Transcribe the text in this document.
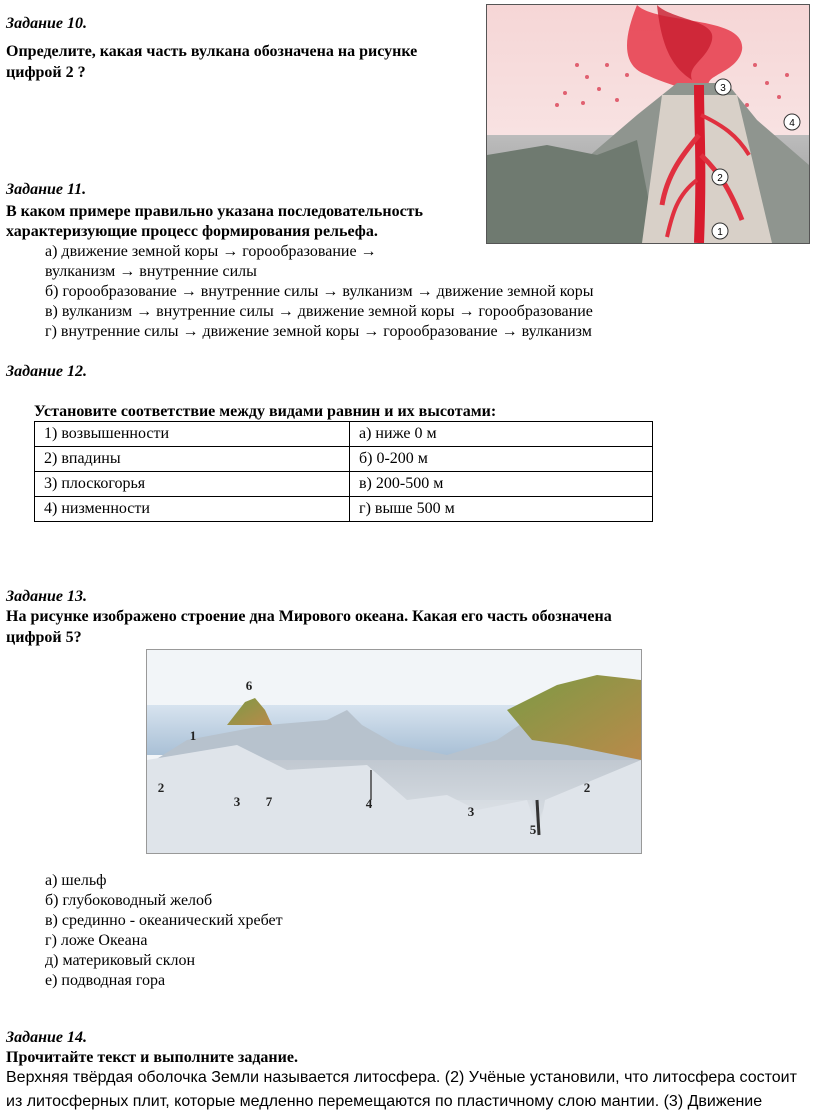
Задание 10.
Определите, какая часть вулкана обозначена на рисунке
цифрой 2 ?
3
4
2
1
Задание 11.
В каком примере правильно указана последовательность
характеризующие процесс формирования рельефа.
а) движение земной коры → горообразование →
вулканизм → внутренние силы
б) горообразование → внутренние силы → вулканизм → движение земной коры
в) вулканизм → внутренние силы → движение земной коры → горообразование
г) внутренние силы → движение земной коры → горообразование → вулканизм
Задание 12.
Установите соответствие между видами равнин и их высотами:
1) возвышенности	а) ниже 0 м
2) впадины	б) 0-200 м
3) плоскогорья	в) 200-500 м
4) низменности	г) выше 500 м
Задание 13.
На рисунке изображено строение дна Мирового океана. Какая его часть обозначена
цифрой 5?
6
1
2
3 7	4
3
2
5
а) шельф
б) глубоководный желоб
в) срединно - океанический хребет
г) ложе Океана
д) материковый склон
е) подводная гора
Задание 14.
Прочитайте текст и выполните задание.
Верхняя твёрдая оболочка Земли называется литосфера. (2) Учёные установили, что литосфера состоит
из литосферных плит, которые медленно перемещаются по пластичному слою мантии. (3) Движение
